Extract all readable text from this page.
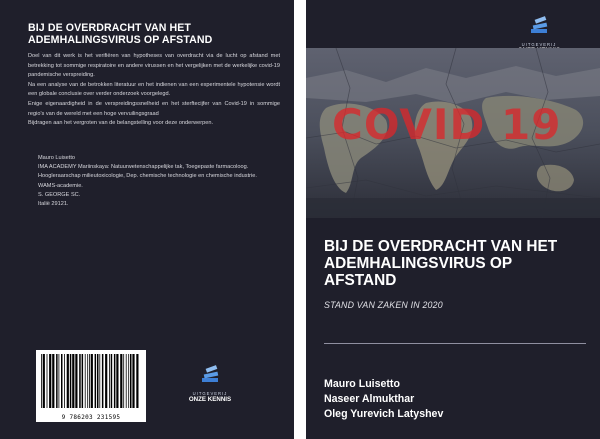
BIJ DE OVERDRACHT VAN HET ADEMHALINGSVIRUS OP AFSTAND

Doel van dit werk is het verifiëren van hypotheses van overdracht via de lucht op afstand met betrekking tot sommige respiratoire en andere virussen en het vergelijken met de werkelijke covid-19 pandemische verspreiding.

Na een analyse van de betrokken literatuur en het indienen van een experimentele hypotensie wordt een globale conclusie over verder onderzoek voorgelegd.

Enige eigenaardigheid in de verspreidingssnelheid en het sterftecijfer van Covid-19 in sommige regio's van de wereld met een hoge vervuilingsgraad

Bijdragen aan het vergroten van de belangstelling voor deze onderwerpen.

Mauro Luisetto
IMA ACADEMY Mariinskaya: Natuurwetenschappelijke tak, Toegepaste farmacoloog.
Hoogleraarschap milieutoxicologie, Dep. chemische technologie en chemische industrie.
WAMS-academie.
S. GEORGE SC.
Italië 29121.
9 786203 231595
UITGEVERIJ
ONZE KENNIS
UITGEVERIJ
COVID 19
BIJ DE OVERDRACHT VAN HET ADEMHALINGSVIRUS OP AFSTAND
STAND VAN ZAKEN IN 2020
Mauro Luisetto
Naseer Almukthar
Oleg Yurevich Latyshev
